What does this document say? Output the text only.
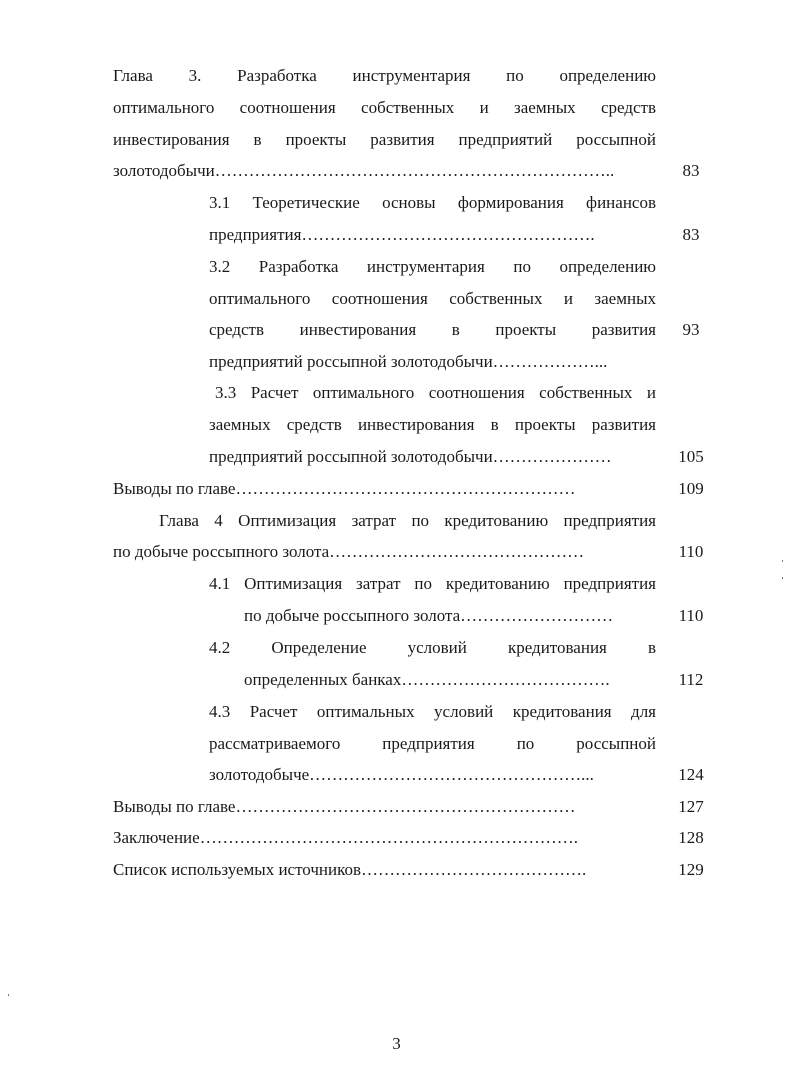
Глава 3. Разработка инструментария по определению
оптимального соотношения собственных и заемных средств
инвестирования в проекты развития предприятий россыпной
золотодобычи……………………………………………………………..	83
3.1 Теоретические основы формирования финансов
предприятия…………………………………………….	83
3.2 Разработка инструментария по определению
оптимального соотношения собственных и заемных
средств инвестирования в проекты развития	93
предприятий россыпной золотодобычи………………...
3.3 Расчет оптимального соотношения собственных и
заемных средств инвестирования в проекты развития
предприятий россыпной золотодобычи…………………	105
Выводы по главе……………………………………………………	109
Глава 4 Оптимизация затрат по кредитованию предприятия
по добыче россыпного золота………………………………………	110
4.1 Оптимизация затрат по кредитованию предприятия
по добыче россыпного золота………………………	110
4.2 Определение условий кредитования в
определенных банках……………………………….	112
4.3 Расчет оптимальных условий кредитования для
рассматриваемого предприятия по россыпной
золотодобыче…………………………………………...	124
Выводы по главе……………………………………………………	127
Заключение………………………………………………………….	128
Список используемых источников………………………………….	129
3
